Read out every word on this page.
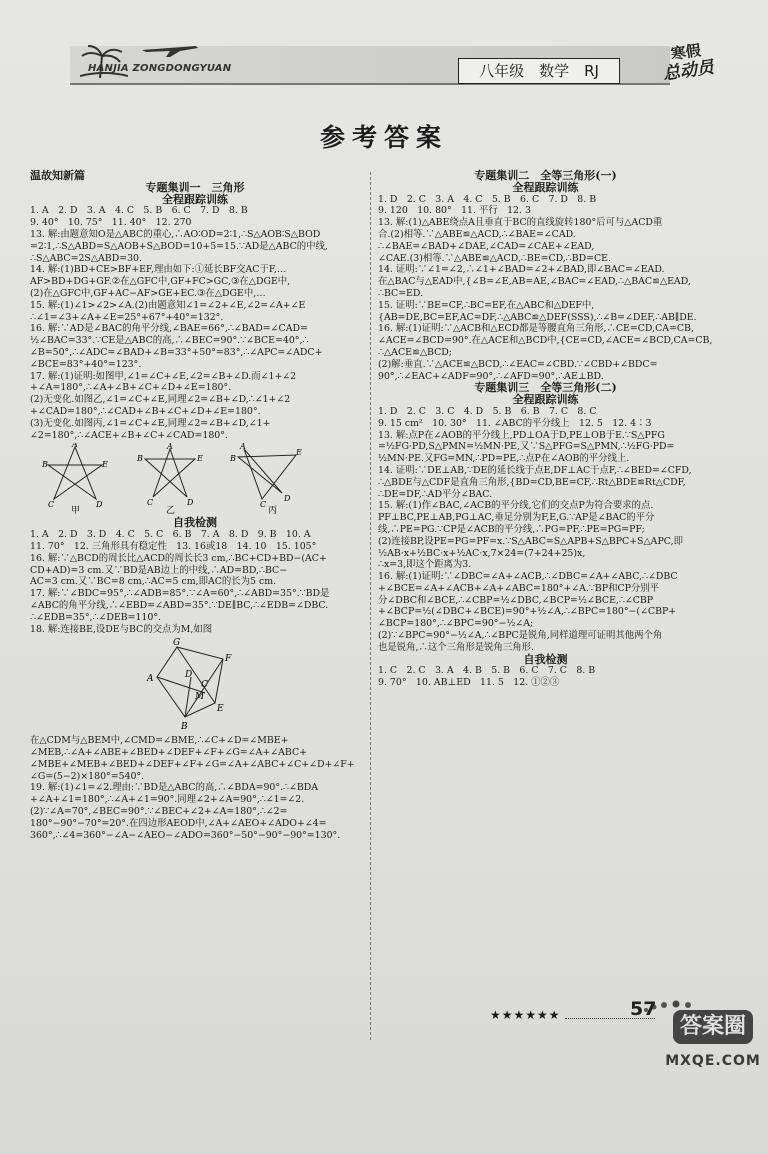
HANJIA ZONGDONGYUAN	八年级　数学　RJ
寒假
总动员
参考答案

温故知新篇

专题集训一　三角形

全程跟踪训练

1. A　2. D　3. A　4. C　5. B　6. C　7. D　8. B

9. 40°　10. 75°　11. 40°　12. 270

13. 解:由题意知O是△ABC的重心,∴AO∶OD=2∶1,∴S△AOB∶S△BOD

=2∶1,∴S△ABD=S△AOB+S△BOD=10+5=15.∵AD是△ABC的中线,

∴S△ABC=2S△ABD=30.

14. 解:(1)BD+CE>BF+EF,理由如下:①延长BF交AC于F,…

AF>BD+DG+GF.②在△GFC中,GF+FC>GC,③在△DGE中,

(2)在△GFC中,GF+AC−AF>GE+EC.③在△DGE中,…

15. 解:(1)∠1>∠2>∠A.(2)由题意知∠1=∠2+∠E,∠2=∠A+∠E

∴∠1=∠3+∠A+∠E=25°+67°+40°=132°.

16. 解:∵AD是∠BAC的角平分线,∠BAE=66°,∴∠BAD=∠CAD=

½∠BAC=33°.∵CE是△ABC的高,∴∠BEC=90°.∵∠BCE=40°,∴

∠B=50°,∴∠ADC=∠BAD+∠B=33°+50°=83°,∴∠APC=∠ADC+

∠BCE=83°+40°=123°.

17. 解:(1)证明:如图甲,∠1=∠C+∠E,∠2=∠B+∠D.而∠1+∠2

+∠A=180°,∴∠A+∠B+∠C+∠D+∠E=180°.

(2)无变化.如图乙,∠1=∠C+∠E,同理∠2=∠B+∠D,∴∠1+∠2

+∠CAD=180°,∴∠CAD+∠B+∠C+∠D+∠E=180°.

(3)无变化.如图丙,∠1=∠C+∠E,同理∠2=∠B+∠D,∠1+

∠2=180°,∴∠ACE+∠B+∠C+∠CAD=180°.

A
B	E
C	D
甲
A
B	E
C	D
乙
A
B
E
C
D
丙

自我检测

1. A　2. D　3. D　4. C　5. C　6. B　7. A　8. D　9. B　10. A

11. 70°　12. 三角形具有稳定性　13. 16或18　14. 10　15. 105°

16. 解:∵△BCD的周长比△ACD的周长长3 cm,∴BC+CD+BD−(AC+

CD+AD)=3 cm.又∵BD是AB边上的中线,∴AD=BD,∴BC−

AC=3 cm.又∵BC=8 cm,∴AC=5 cm,即AC的长为5 cm.

17. 解:∵∠BDC=95°,∴∠ADB=85°.∵∠A=60°,∴∠ABD=35°.∵BD是

∠ABC的角平分线,∴∠EBD=∠ABD=35°.∵DE∥BC,∴∠EDB=∠DBC.

∴∠EDB=35°,∴∠DEB=110°.

18. 解:连接BE,设DE与BC的交点为M,如图

G
F
E
B
A	D
C
M

在△CDM与△BEM中,∠CMD=∠BME,∴∠C+∠D=∠MBE+

∠MEB,∴∠A+∠ABE+∠BED+∠DEF+∠F+∠G=∠A+∠ABC+

∠MBE+∠MEB+∠BED+∠DEF+∠F+∠G=∠A+∠ABC+∠C+∠D+∠F+

∠G=(5−2)×180°=540°.

19. 解:(1)∠1=∠2.理由:∵BD是△ABC的高,∴∠BDA=90°.∴∠BDA

+∠A+∠1=180°,∴∠A+∠1=90°.同理∠2+∠A=90°,∴∠1=∠2.

(2)∵∠A=70°,∠BEC=90°.∵∠BEC+∠2+∠A=180°,∴∠2=

180°−90°−70°=20°.在四边形AEOD中,∠A+∠AEO+∠ADO+∠4=

360°,∴∠4=360°−∠A−∠AEO−∠ADO=360°−50°−90°−90°=130°.

专题集训二　全等三角形(一)

全程跟踪训练

1. D　2. C　3. A　4. C　5. B　6. C　7. D　8. B

9. 120　10. 80°　11. 平行　12. 3

13. 解:(1)△ABE绕点A且垂直于BC的直线旋转180°后可与△ACD重

合.(2)相等.∵△ABE≌△ACD,∴∠BAE=∠CAD.

∴∠BAE=∠BAD+∠DAE,∠CAD=∠CAE+∠EAD,

∠CAE.(3)相等.∵△ABE≌△ACD,∴BE=CD,∴BD=CE.

14. 证明:∵∠1=∠2,∴∠1+∠BAD=∠2+∠BAD,即∠BAC=∠EAD.

在△BAC与△EAD中,{∠B=∠E,AB=AE,∠BAC=∠EAD,∴△BAC≌△EAD,

∴BC=ED.

15. 证明:∵BE=CF,∴BC=EF,在△ABC和△DEF中,

{AB=DE,BC=EF,AC=DF,∴△ABC≌△DEF(SSS),∴∠B=∠DEF,∴AB∥DE.

16. 解:(1)证明:∵△ACB和△ECD都是等腰直角三角形,∴CE=CD,CA=CB,

∠ACE=∠BCD=90°.在△ACE和△BCD中,{CE=CD,∠ACE=∠BCD,CA=CB,

∴△ACE≌△BCD;

(2)解:垂直.∵△ACE≌△BCD,∴∠EAC=∠CBD.∵∠CBD+∠BDC=

90°,∴∠EAC+∠ADF=90°,∴∠AFD=90°,∴AE⊥BD.

专题集训三　全等三角形(二)

全程跟踪训练

1. D　2. C　3. C　4. D　5. B　6. B　7. C　8. C

9. 15 cm²　10. 30°　11. ∠ABC的平分线上　12. 5　12. 4∶3

13. 解:点P在∠AOB的平分线上,PD⊥OA于D,PE⊥OB于E.∵S△PFG

=½FG·PD,S△PMN=½MN·PE,又∵S△PFG=S△PMN,∴½FG·PD=

½MN·PE.又FG=MN,∴PD=PE,∴点P在∠AOB的平分线上.

14. 证明:∵DE⊥AB,∵DE的延长线于点E,DF⊥AC于点F,∴∠BED=∠CFD,

∴△BDE与△CDF是直角三角形,{BD=CD,BE=CF,∴Rt△BDE≌Rt△CDF,

∴DE=DF,∴AD平分∠BAC.

15. 解:(1)作∠BAC,∠ACB的平分线,它们的交点P为符合要求的点.

PF⊥BC,PE⊥AB,PG⊥AC,垂足分别为F,E,G.∵AP是∠BAC的平分

线,∴PE=PG.∵CP是∠ACB的平分线,∴PG=PF,∴PE=PG=PF;

(2)连接BP,设PE=PG=PF=x.∵S△ABC=S△APB+S△BPC+S△APC,即

½AB·x+½BC·x+½AC·x,7×24=(7+24+25)x,

∴x=3,即这个距离为3.

16. 解:(1)证明:∵∠DBC=∠A+∠ACB,∴∠DBC=∠A+∠ABC,∴∠DBC

+∠BCE=∠A+∠ACB+∠A+∠ABC=180°+∠A.∵BP和CP分别平

分∠DBC和∠BCE,∴∠CBP=½∠DBC,∠BCP=½∠BCE,∴∠CBP

+∠BCP=½(∠DBC+∠BCE)=90°+½∠A,∴∠BPC=180°−(∠CBP+

∠BCP=180°,∴∠BPC=90°−½∠A;

(2)∵∠BPC=90°−½∠A,∴∠BPC是锐角,同样道理可证明其他两个角

也是锐角,∴这个三角形是锐角三角形.

自我检测

1. C　2. C　3. A　4. B　5. B　6. C　7. C　8. B

9. 70°　10. AB⊥ED　11. 5　12. ①②③

★★★★★★	57
答案圈
MXQE.COM
